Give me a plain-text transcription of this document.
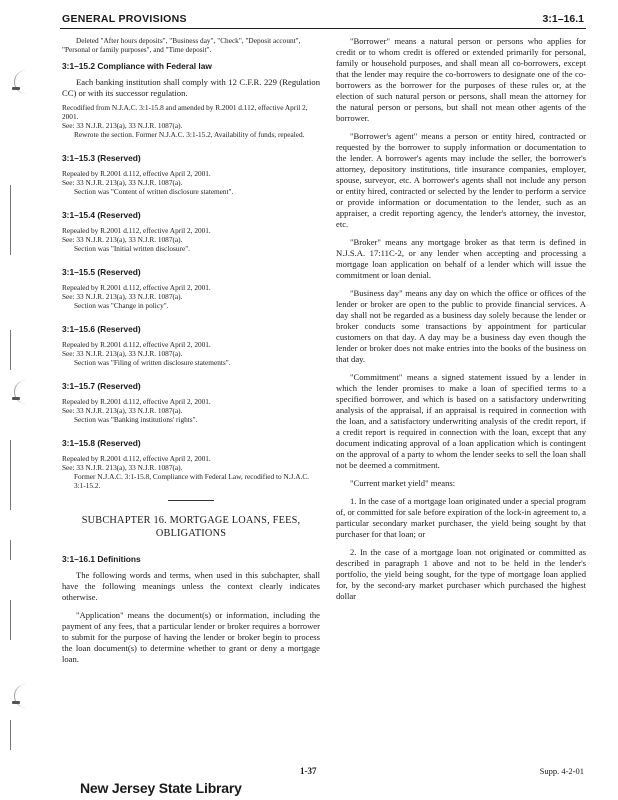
GENERAL PROVISIONS	3:1–16.1

Deleted "After hours deposits", "Business day", "Check", "Deposit account", "Personal or family purposes", and "Time deposit".

3:1–15.2 Compliance with Federal law

Each banking institution shall comply with 12 C.F.R. 229 (Regulation CC) or with its successor regulation.

Recodified from N.J.A.C. 3:1-15.8 and amended by R.2001 d.112, effective April 2, 2001.

See: 33 N.J.R. 213(a), 33 N.J.R. 1087(a).

Rewrote the section. Former N.J.A.C. 3:1-15.2, Availability of funds, repealed.

3:1–15.3 (Reserved)

Repealed by R.2001 d.112, effective April 2, 2001.

See: 33 N.J.R. 213(a), 33 N.J.R. 1087(a).

Section was "Content of written disclosure statement".

3:1–15.4 (Reserved)

Repealed by R.2001 d.112, effective April 2, 2001.

See: 33 N.J.R. 213(a), 33 N.J.R. 1087(a).

Section was "Initial written disclosure".

3:1–15.5 (Reserved)

Repealed by R.2001 d.112, effective April 2, 2001.

See: 33 N.J.R. 213(a), 33 N.J.R. 1087(a).

Section was "Change in policy".

3:1–15.6 (Reserved)

Repealed by R.2001 d.112, effective April 2, 2001.

See: 33 N.J.R. 213(a), 33 N.J.R. 1087(a).

Section was "Filing of written disclosure statements".

3:1–15.7 (Reserved)

Repealed by R.2001 d.112, effective April 2, 2001.

See: 33 N.J.R. 213(a), 33 N.J.R. 1087(a).

Section was "Banking institutions' rights".

3:1–15.8 (Reserved)

Repealed by R.2001 d.112, effective April 2, 2001.

See: 33 N.J.R. 213(a), 33 N.J.R. 1087(a).

Former N.J.A.C. 3:1-15.8, Compliance with Federal Law, recodified to N.J.A.C. 3:1-15.2.

SUBCHAPTER 16. MORTGAGE LOANS, FEES, OBLIGATIONS

3:1–16.1 Definitions

The following words and terms, when used in this subchapter, shall have the following meanings unless the context clearly indicates otherwise.

"Application" means the document(s) or information, including the payment of any fees, that a particular lender or broker requires a borrower to submit for the purpose of having the lender or broker begin to process the loan document(s) to determine whether to grant or deny a mortgage loan.

"Borrower" means a natural person or persons who applies for credit or to whom credit is offered or extended primarily for personal, family or household purposes, and shall mean all co-borrowers, except that the lender may require the co-borrowers to designate one of the co-borrowers as the borrower for the purposes of these rules or, at the election of such natural person or persons, shall mean the attorney for the natural person or persons, but shall not mean other agents of the borrower.

"Borrower's agent" means a person or entity hired, contracted or requested by the borrower to supply information or documentation to the lender. A borrower's agents may include the seller, the borrower's attorney, depository institutions, title insurance companies, employer, spouse, surveyor, etc. A borrower's agents shall not include any person or entity hired, contracted or selected by the lender to perform a service or provide information or documentation to the lender, such as an appraiser, a credit reporting agency, the lender's attorney, the investor, etc.

"Broker" means any mortgage broker as that term is defined in N.J.S.A. 17:11C-2, or any lender when accepting and processing a mortgage loan application on behalf of a lender which will issue the commitment or loan denial.

"Business day" means any day on which the office or offices of the lender or broker are open to the public to provide financial services. A day shall not be regarded as a business day solely because the lender or broker conducts some transactions by appointment for particular customers on that day. A day may be a business day even though the lender or broker does not make entries into the books of the business on that day.

"Commitment" means a signed statement issued by a lender in which the lender promises to make a loan of specified terms to a specified borrower, and which is based on a satisfactory underwriting analysis of the appraisal, if an appraisal is required in connection with the loan, and a satisfactory underwriting analysis of the credit report, if a credit report is required in connection with the loan, except that any document indicating approval of a loan application which is contingent on the approval of a party to whom the lender seeks to sell the loan shall not be deemed a commitment.

"Current market yield" means:

1. In the case of a mortgage loan originated under a special program of, or committed for sale before expiration of the lock-in agreement to, a particular secondary market purchaser, the yield being sought by that purchaser for that loan; or

2. In the case of a mortgage loan not originated or committed as described in paragraph 1 above and not to be held in the lender's portfolio, the yield being sought, for the type of mortgage loan applied for, by the second-ary market purchaser which purchased the highest dollar

1-37	Supp. 4-2-01
New Jersey State Library
